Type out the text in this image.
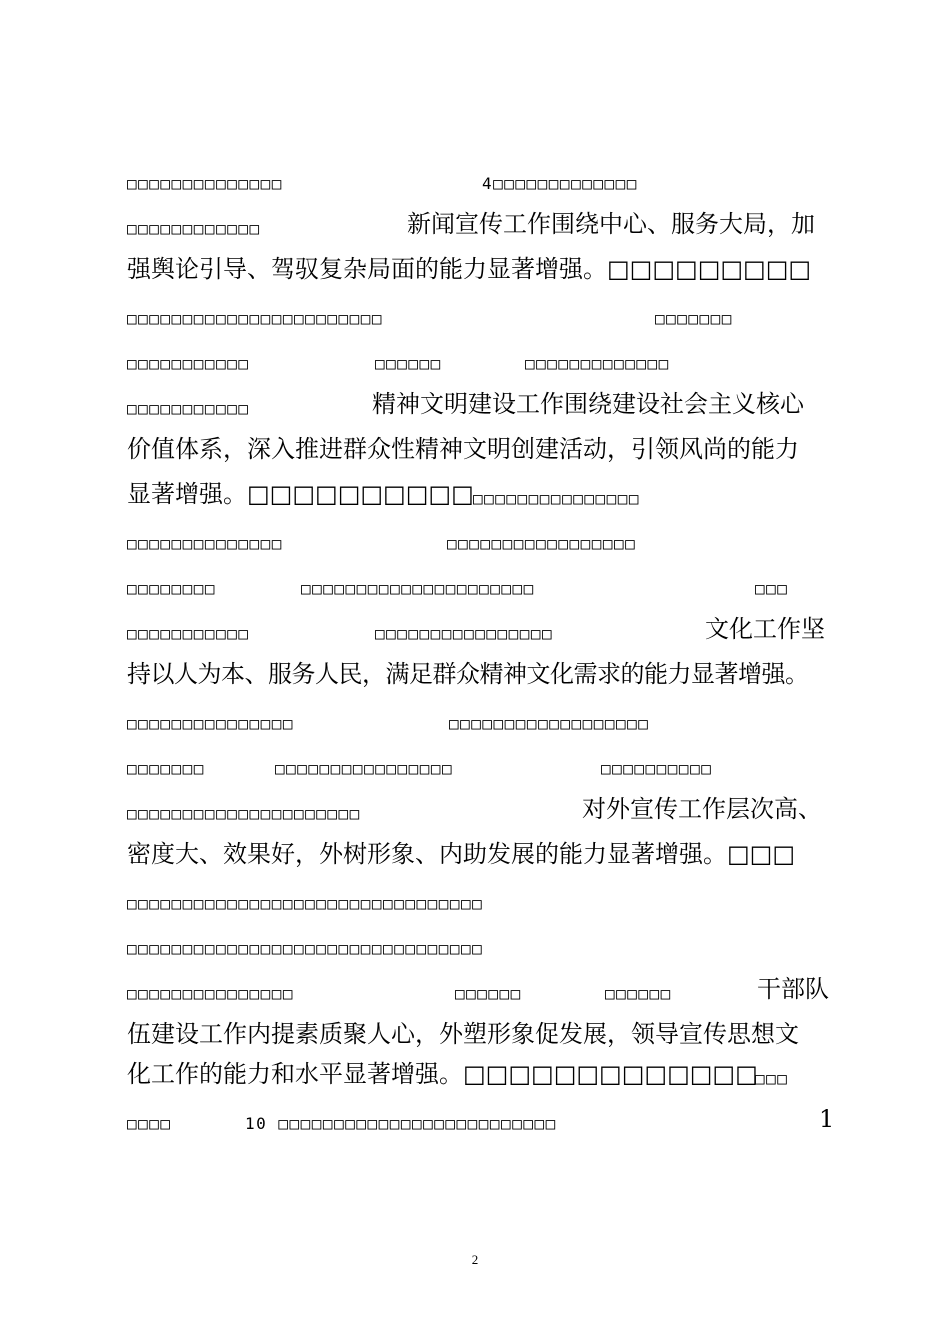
□□□□□□□□□□□□□□	4□□□□□□□□□□□□□
□□□□□□□□□□□□	新闻宣传工作围绕中心、服务大局，加
强舆论引导、驾驭复杂局面的能力显著增强。□□□□□□□□□
□□□□□□□□□□□□□□□□□□□□□□□	□□□□□□□
□□□□□□□□□□□	□□□□□□	□□□□□□□□□□□□□
□□□□□□□□□□□	精神文明建设工作围绕建设社会主义核心
价值体系，深入推进群众性精神文明创建活动，引领风尚的能力
显著增强。□□□□□□□□□□ □□□□□□□□□□□□□□□
□□□□□□□□□□□□□□	□□□□□□□□□□□□□□□□□
□□□□□□□□	□□□□□□□□□□□□□□□□□□□□□	□□□
□□□□□□□□□□□	□□□□□□□□□□□□□□□□	文化工作坚
持以人为本、服务人民，满足群众精神文化需求的能力显著增强。
□□□□□□□□□□□□□□□	□□□□□□□□□□□□□□□□□□
□□□□□□□	□□□□□□□□□□□□□□□□	□□□□□□□□□□
□□□□□□□□□□□□□□□□□□□□□	对外宣传工作层次高、
密度大、效果好，外树形象、内助发展的能力显著增强。□□□
□□□□□□□□□□□□□□□□□□□□□□□□□□□□□□□□
□□□□□□□□□□□□□□□□□□□□□□□□□□□□□□□□
□□□□□□□□□□□□□□□	□□□□□□	□□□□□□	干部队
伍建设工作内提素质聚人心，外塑形象促发展，领导宣传思想文
化工作的能力和水平显著增强。□□□□□□□□□□□□□
□□□
□□□□	10 □□□□□□□□□□□□□□□□□□□□□□□□□	1
2
